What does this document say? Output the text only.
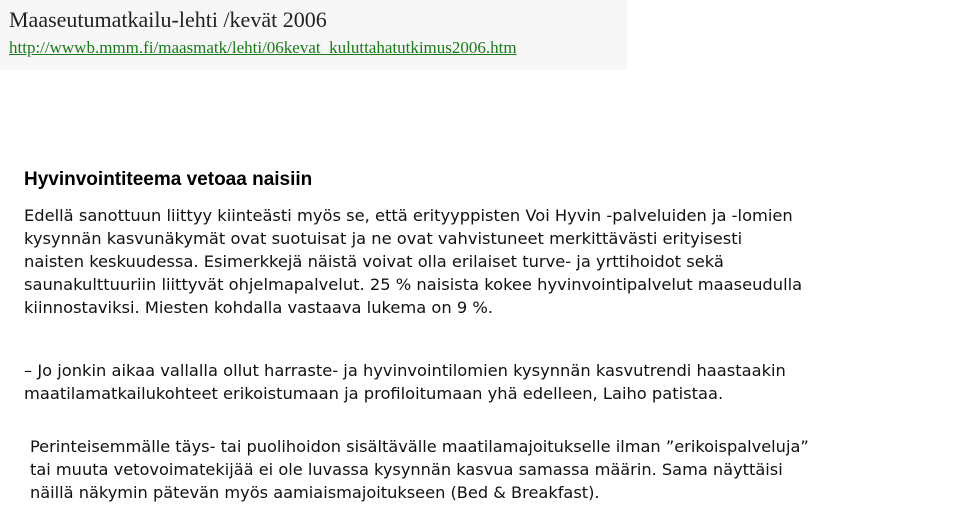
Maaseutumatkailu-lehti /kevät 2006
http://wwwb.mmm.fi/maasmatk/lehti/06kevat_kuluttahatutkimus2006.htm
Hyvinvointiteema vetoaa naisiin
Edellä sanottuun liittyy kiinteästi myös se, että erityyppisten Voi Hyvin -palveluiden ja -lomien
kysynnän kasvunäkymät ovat suotuisat ja ne ovat vahvistuneet merkittävästi erityisesti
naisten keskuudessa. Esimerkkejä näistä voivat olla erilaiset turve- ja yrttihoidot sekä
saunakulttuuriin liittyvät ohjelmapalvelut. 25 % naisista kokee hyvinvointipalvelut maaseudulla
kiinnostaviksi. Miesten kohdalla vastaava lukema on 9 %.
– Jo jonkin aikaa vallalla ollut harraste- ja hyvinvointilomien kysynnän kasvutrendi haastaakin
maatilamatkailukohteet erikoistumaan ja profiloitumaan yhä edelleen, Laiho patistaa.
Perinteisemmälle täys- tai puolihoidon sisältävälle maatilamajoitukselle ilman ”erikoispalveluja”
tai muuta vetovoimatekijää ei ole luvassa kysynnän kasvua samassa määrin. Sama näyttäisi
näillä näkymin pätevän myös aamiaismajoitukseen (Bed & Breakfast).
